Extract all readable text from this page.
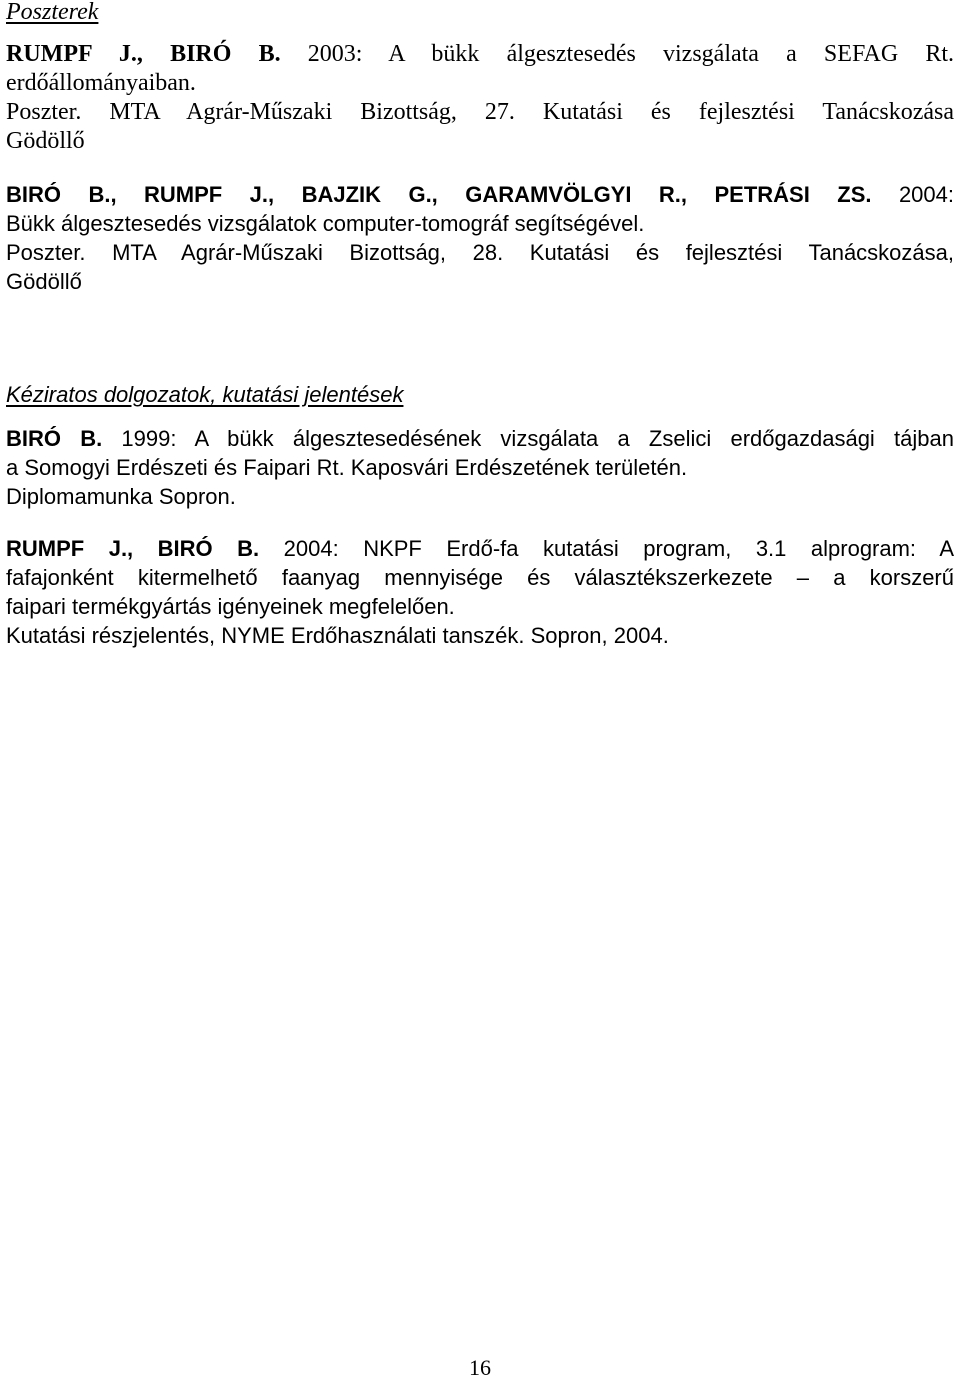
Poszterek
RUMPF J., BIRÓ B. 2003: A bükk álgesztesedés vizsgálata a SEFAG Rt.
erdőállományaiban.
Poszter. MTA Agrár-Műszaki Bizottság, 27. Kutatási és fejlesztési Tanácskozása
Gödöllő
BIRÓ B., RUMPF J., BAJZIK G., GARAMVÖLGYI R., PETRÁSI ZS. 2004:
Bükk álgesztesedés vizsgálatok computer-tomográf segítségével.
Poszter. MTA Agrár-Műszaki Bizottság, 28. Kutatási és fejlesztési Tanácskozása,
Gödöllő
Kéziratos dolgozatok, kutatási jelentések
BIRÓ B. 1999: A bükk álgesztesedésének vizsgálata a Zselici erdőgazdasági tájban
a Somogyi Erdészeti és Faipari Rt. Kaposvári Erdészetének területén.
Diplomamunka Sopron.
RUMPF J., BIRÓ B. 2004: NKPF Erdő-fa kutatási program, 3.1 alprogram: A
fafajonként kitermelhető faanyag mennyisége és választékszerkezete – a korszerű
faipari termékgyártás igényeinek megfelelően.
Kutatási részjelentés, NYME Erdőhasználati tanszék. Sopron, 2004.
16
